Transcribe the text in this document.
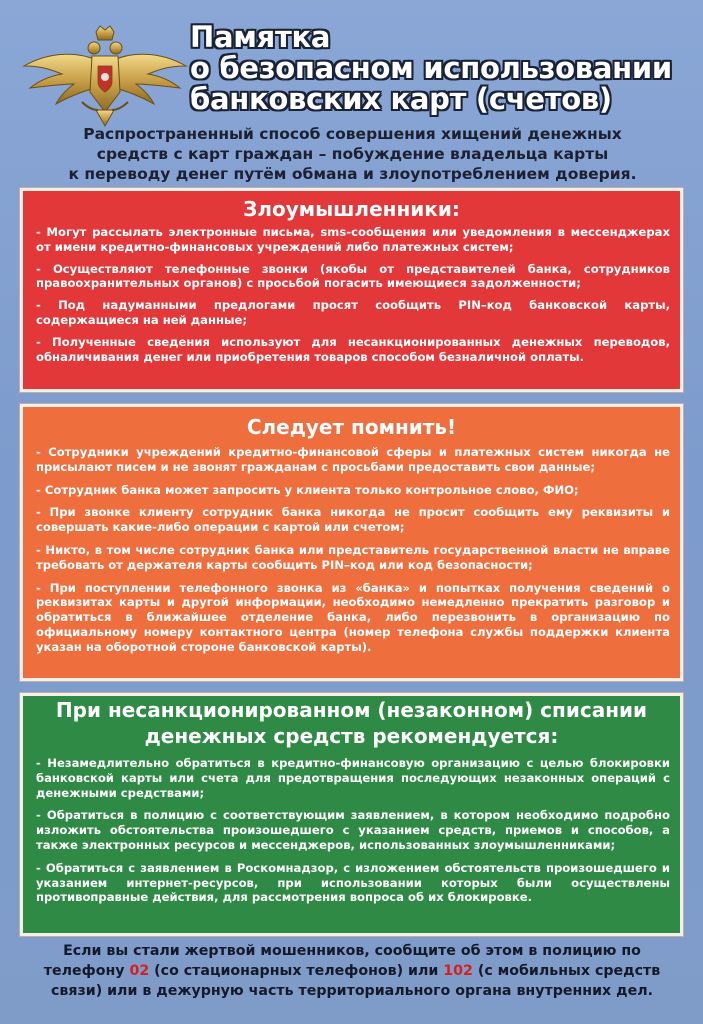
Памятка
о безопасном использовании
банковских карт (счетов)
Распространенный способ совершения хищений денежных
средств с карт граждан – побуждение владельца карты
к переводу денег путём обмана и злоупотреблением доверия.
Злоумышленники:
- Могут рассылать электронные письма, sms-сообщения или уведомления в мессенджерах от имени кредитно-финансовых учреждений либо платежных систем;
- Осуществляют телефонные звонки (якобы от представителей банка, сотрудников правоохранительных органов) с просьбой погасить имеющиеся задолженности;
- Под надуманными предлогами просят сообщить PIN–код банковской карты, содержащиеся на ней данные;
- Полученные сведения используют для несанкционированных денежных переводов, обналичивания денег или приобретения товаров способом безналичной оплаты.
Следует помнить!
- Сотрудники учреждений кредитно-финансовой сферы и платежных систем никогда не присылают писем и не звонят гражданам с просьбами предоставить свои данные;
- Сотрудник банка может запросить у клиента только контрольное слово, ФИО;
- При звонке клиенту сотрудник банка никогда не просит сообщить ему реквизиты и совершать какие-либо операции с картой или счетом;
- Никто, в том числе сотрудник банка или представитель государственной власти не вправе требовать от держателя карты сообщить PIN–код или код безопасности;
- При поступлении телефонного звонка из «банка» и попытках получения сведений о реквизитах карты и другой информации, необходимо немедленно прекратить разговор и обратиться в ближайшее отделение банка, либо перезвонить в организацию по официальному номеру контактного центра (номер телефона службы поддержки клиента указан на оборотной стороне банковской карты).
При несанкционированном (незаконном) списании
денежных средств рекомендуется:
- Незамедлительно обратиться в кредитно-финансовую организацию с целью блокировки банковской карты или счета для предотвращения последующих незаконных операций с денежными средствами;
- Обратиться в полицию с соответствующим заявлением, в котором необходимо подробно изложить обстоятельства произошедшего с указанием средств, приемов и способов, а также электронных ресурсов и мессенджеров, использованных злоумышленниками;
- Обратиться с заявлением в Роскомнадзор, с изложением обстоятельств произошедшего и указанием интернет-ресурсов, при использовании которых были осуществлены противоправные действия, для рассмотрения вопроса об их блокировке.
Если вы стали жертвой мошенников, сообщите об этом в полицию по
телефону 02 (со стационарных телефонов) или 102 (с мобильных средств
связи) или в дежурную часть территориального органа внутренних дел.
